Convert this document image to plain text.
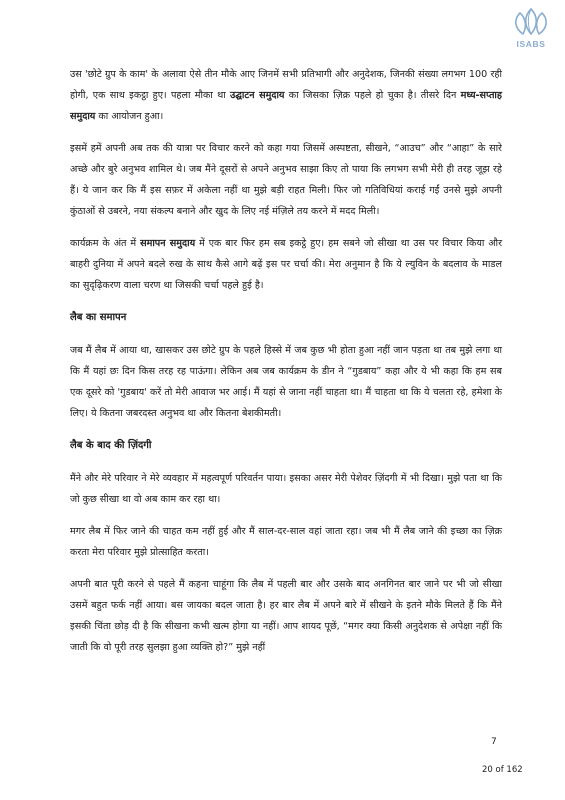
ISABS

उस 'छोटे ग्रुप के काम' के अलावा ऐसे तीन मौके आए जिनमें सभी प्रतिभागी और अनुदेशक, जिनकी संख्या लगभग 100 रही होगी, एक साथ इकट्ठा हुए। पहला मौका था उद्घाटन समुदाय का जिसका ज़िक्र पहले हो चुका है। तीसरे दिन मध्य-सप्ताह समुदाय का आयोजन हुआ।

इसमें हमें अपनी अब तक की यात्रा पर विचार करने को कहा गया जिसमें अस्पष्टता, सीखने, “आउच” और “आहा” के सारे अच्छे और बुरे अनुभव शामिल थे। जब मैंने दूसरों से अपने अनुभव साझा किए तो पाया कि लगभग सभी मेरी ही तरह जूझ रहे हैं। ये जान कर कि मैं इस सफ़र में अकेला नहीं था मुझे बड़ी राहत मिली। फिर जो गतिविधियां कराई गईं उनसे मुझे अपनी कुंठाओं से उबरने, नया संकल्प बनाने और खुद के लिए नई मंज़िले तय करने में मदद मिली।

कार्यक्रम के अंत में समापन समुदाय में एक बार फिर हम सब इकट्ठे हुए। हम सबने जो सीखा था उस पर विचार किया और बाहरी दुनिया में अपने बदले रुख के साथ कैसे आगे बढ़ें इस पर चर्चा की। मेरा अनुमान है कि ये ल्युविन के बदलाव के माडल का सुदृढ़िकरण वाला चरण था जिसकी चर्चा पहले हुई है।

लैब का समापन

जब मैं लैब में आया था, खासकर उस छोटे ग्रुप के पहले हिस्से में जब कुछ भी होता हुआ नहीं जान पड़ता था तब मुझे लगा था कि मैं यहां छः दिन किस तरह रह पाऊंगा। लेकिन अब जब कार्यक्रम के डीन ने “गुडबाय” कहा और ये भी कहा कि हम सब एक दूसरे को 'गुडबाय' करें तो मेरी आवाज भर आई। मैं यहां से जाना नहीं चाहता था। मैं चाहता था कि ये चलता रहे, हमेशा के लिए। ये कितना जबरदस्त अनुभव था और कितना बेशकीमती।

लैब के बाद की ज़िंदगी

मैंने और मेरे परिवार ने मेरे व्यवहार में महत्वपूर्ण परिवर्तन पाया। इसका असर मेरी पेशेवर ज़िंदगी में भी दिखा। मुझे पता था कि जो कुछ सीखा था वो अब काम कर रहा था।

मगर लैब में फिर जाने की चाहत कम नहीं हुई और मैं साल-दर-साल वहां जाता रहा। जब भी मैं लैब जाने की इच्छा का ज़िक्र करता मेरा परिवार मुझे प्रोत्साहित करता।

अपनी बात पूरी करने से पहले मैं कहना चाहूंगा कि लैब में पहली बार और उसके बाद अनगिनत बार जाने पर भी जो सीखा उसमें बहुत फर्क नहीं आया। बस जायका बदल जाता है। हर बार लैब में अपने बारे में सीखने के इतने मौके मिलते हैं कि मैंने इसकी चिंता छोड़ दी है कि सीखना कभी खत्म होगा या नहीं। आप शायद पूछें, “मगर क्या किसी अनुदेशक से अपेक्षा नहीं कि जाती कि वो पूरी तरह सुलझा हुआ व्यक्ति हो?” मुझे नहीं

7
20 of 162
